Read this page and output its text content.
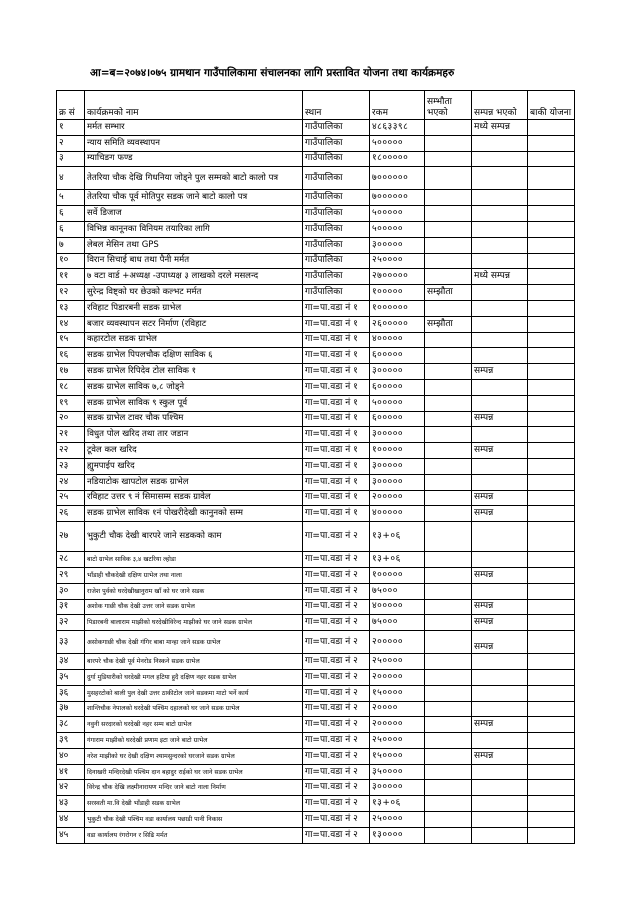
आ=ब=२०७४।०७५ ग्रामथान गाउँपालिकामा संचालनका लागि प्रस्तावित योजना तथा कार्यक्रमहरु
क्र सं	कार्यक्रमको नाम	स्थान	रकम	सम्भौता भएको	सम्पन्न भएको	बाकी योजना
१	मर्मत सम्भार	गाउँपालिका	४८६३३९८		मध्ये सम्पन्न	
२	न्याय समिति व्यवस्थापन	गाउँपालिका	५०००००			
३	म्याचिङग फण्ड	गाउँपालिका	१८०००००			
४	तेतरिया चौक देखि गिधनिया जोड्ने पुल सम्मको बाटो कालो पत्र	गाउँपालिका	७००००००			
५	तेतरिया चौक पूर्व मोतिपुर सडक जाने बाटो कालो पत्र	गाउँपालिका	७००००००			
६	सर्वे डिजाज	गाउँपालिका	५०००००			
६	विभिन्न कानूनका विनियम तयारिका लागि	गाउँपालिका	५०००००			
७	लेबल मेसिन तथा GPS	गाउँपालिका	३०००००			
१०	विरान सिचाई बाध तथा पैनी मर्मत	गाउँपालिका	२५००००			
११	७ वटा वार्ड +अध्यक्ष -उपाध्यक्ष ३ लाखको दरले मसलन्द	गाउँपालिका	२७०००००		मध्ये सम्पन्न	
१२	सुरेन्द्र विष्ट्को घर छेउको कल्भट मर्मत	गाउँपालिका	१०००००	सम्झौता		
१३	रविहाट पिडारबनी सडक ग्राभेल	गा=पा.वडा नं १	१००००००			
१४	बजार व्यवस्थापन सटर निर्माण (रविहाट	गा=पा.वडा नं १	२६०००००	सम्झौता		
१५	कहारटोल सडक ग्राभेल	गा=पा.वडा नं १	४०००००			
१६	सडक ग्राभेल पिपलचौक दक्षिण साविक ६	गा=पा.वडा नं १	६०००००			
१७	सडक ग्राभेल रिपिदेव टोल साविक १	गा=पा.वडा नं १	३०००००		सम्पन्न	
१८	सडक ग्राभेल साविक ७,८ जोड्ने	गा=पा.वडा नं १	६०००००			
१९	सडक ग्राभेल साविक ९ स्कुल पूर्व	गा=पा.वडा नं १	५०००००			
२०	सडक ग्राभेल टावर चौक पश्चिम	गा=पा.वडा नं १	६०००००		सम्पन्न	
२१	विधुत पोल खरिद तथा तार जडान	गा=पा.वडा नं १	३०००००			
२२	टूवेल कल खरिद	गा=पा.वडा नं १	१०००००		सम्पन्न	
२३	ह्युमपाईप खरिद	गा=पा.वडा नं १	३०००००			
२४	नडियाटोक खापटोल सडक ग्राभेल	गा=पा.वडा नं १	३०००००			
२५	रविहाट उत्तर ९ नं सिमासम्म सडक ग्रावेल	गा=पा.वडा नं १	२०००००		सम्पन्न	
२६	सडक ग्राभेल साविक १नं पोखरीदेखी कानुनको सम्म	गा=पा.वडा नं १	४०००००		सम्पन्न	
२७	भुकुटी चौक देखी बारपरे जाने सडकको काम	गा=पा.वडा नं २	१३+०६			
२८	बाटो ग्राभेल साविक ३,४ खटरिया ल्होडा	गा=पा.वडा नं २	१३+०६			
२९	भाँडाही चौकदेखी दक्षिण ग्राभेल तथा नाला	गा=पा.वडा नं २	१०००००		सम्पन्न	
३०	राजेश पुर्वको घरदेखीखानुराम खाँ को घर जाने सडक	गा=पा.वडा नं २	७५०००			
३१	अशोक गाछी चौक देखी उत्तर जाने सडक ग्राभेल	गा=पा.वडा नं २	४०००००		सम्पन्न	
३२	पिडारबनी बालाराम माझीको घरदेखीविरेन्द माझीको घर जाने सडक ग्राभेल	गा=पा.वडा नं २	७५०००		सम्पन्न	
३३	असोकगाछी चौक देखी गंगिर बाबा मान्हा जाने सडक ग्राभेल	गा=पा.वडा नं २	२०००००		सम्पन्न	
३४	बारपरे चौक देखी पूर्व मेनरोड निस्कने सडक ग्राभेल	गा=पा.वडा नं २	२५००००			
३५	दुर्गा मुडियारीको घरदेखी मगल हटिया हुदै दक्षिण नहर सडक ग्राभेल	गा=पा.वडा नं २	२०००००			
३६	मुसहरटोको बाली पुल देखी उत्तर ठाकीटोल जाने सडकमा माटो भर्ने कार्य	गा=पा.वडा नं २	१५००००			
३७	शान्तिचौक नेपालको घरदेखी पश्चिम दहालको घर जाने सडक ग्राभेल	गा=पा.वडा नं २	२००००			
३८	नवुनी सरदारको घरदेखी नहर सम्म बाटो ग्राभेल	गा=पा.वडा नं २	२०००००		सम्पन्न	
३९	गंगाराम माझीको घरदेखी प्रणाम इटा जाने बाटो ग्राभेल	गा=पा.वडा नं २	२५००००			
४०	नरेश माझीको घर देखी दक्षिण श्यामसुन्दरको घरजाने सडक ग्राभेल	गा=पा.वडा नं २	१५००००		सम्पन्न	
४१	दिनाखरी मन्दिरदेखी पश्चिम दान बहादुर राईको घर जाने सडक ग्राभेल	गा=पा.वडा नं २	३५००००			
४२	विरेन्द्र चौक देखि लक्ष्मीनारायण मन्दिर जाने बाटो नाला निर्माण	गा=पा.वडा नं २	३०००००			
४३	सरस्वती मा.वि देखी भाँडाही सडक ग्राभेल	गा=पा.वडा नं २	१३+०६			
४४	भुकुटी चौक देखी पश्चिम वडा कार्यालय पछाडी पानी निकास	गा=पा.वडा नं २	२५००००			
४५	वडा कार्यालय रंगरोगन र सिढि मर्मत	गा=पा.वडा नं २	१३००००			
